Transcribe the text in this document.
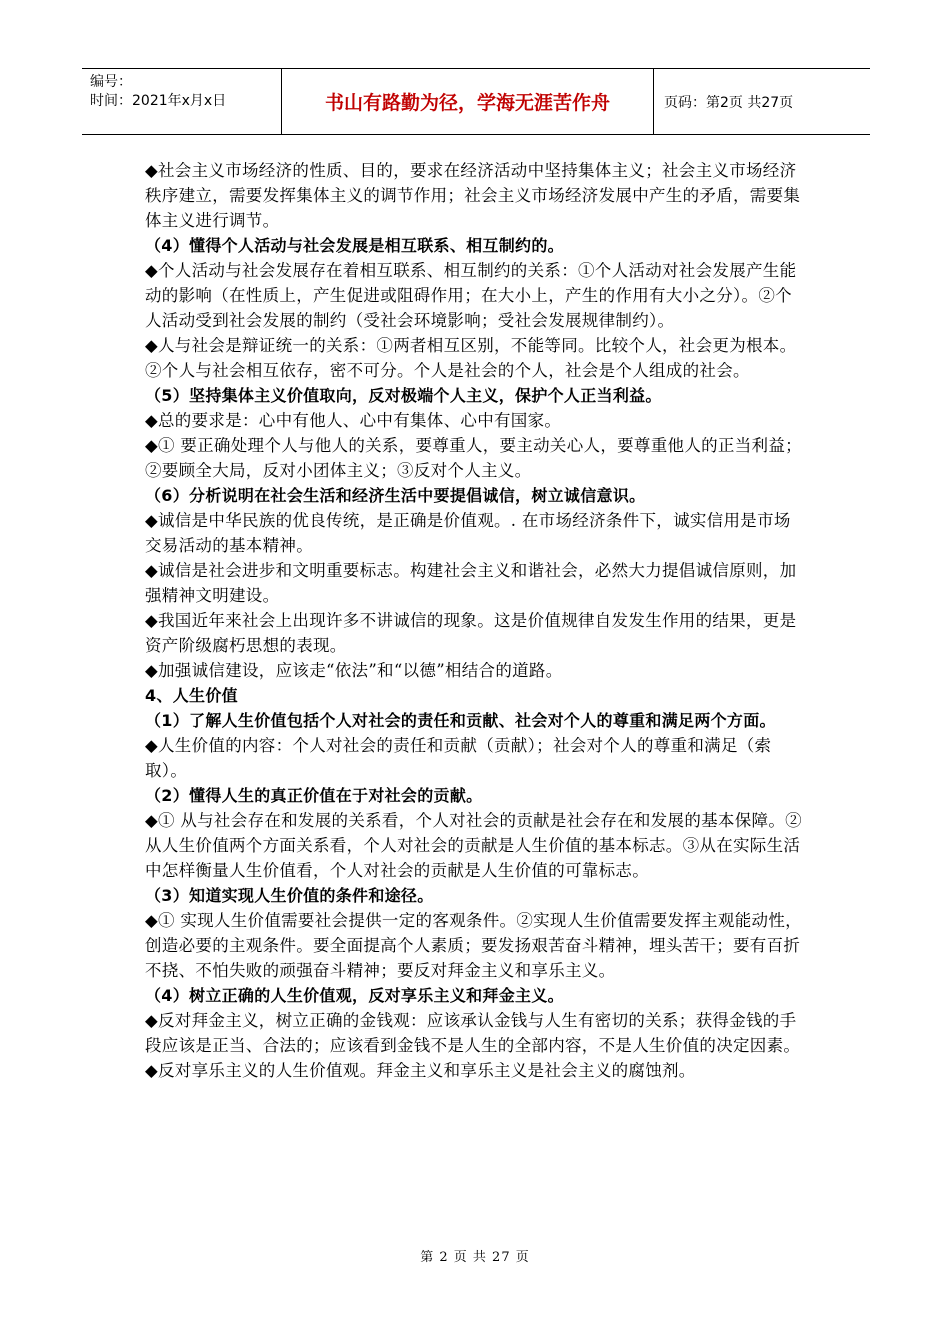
编号：
时间：2021年x月x日	书山有路勤为径，学海无涯苦作舟	页码：第2页 共27页

◆社会主义市场经济的性质、目的，要求在经济活动中坚持集体主义；社会主义市场经济秩序建立，需要发挥集体主义的调节作用；社会主义市场经济发展中产生的矛盾，需要集体主义进行调节。

（4）懂得个人活动与社会发展是相互联系、相互制约的。

◆个人活动与社会发展存在着相互联系、相互制约的关系：①个人活动对社会发展产生能动的影响（在性质上，产生促进或阻碍作用；在大小上，产生的作用有大小之分）。②个人活动受到社会发展的制约（受社会环境影响；受社会发展规律制约）。

◆人与社会是辩证统一的关系：①两者相互区别，不能等同。比较个人，社会更为根本。②个人与社会相互依存，密不可分。个人是社会的个人，社会是个人组成的社会。

（5）坚持集体主义价值取向，反对极端个人主义，保护个人正当利益。

◆总的要求是：心中有他人、心中有集体、心中有国家。

◆① 要正确处理个人与他人的关系，要尊重人，要主动关心人，要尊重他人的正当利益；②要顾全大局，反对小团体主义；③反对个人主义。

（6）分析说明在社会生活和经济生活中要提倡诚信，树立诚信意识。

◆诚信是中华民族的优良传统，是正确是价值观。. 在市场经济条件下，诚实信用是市场交易活动的基本精神。

◆诚信是社会进步和文明重要标志。构建社会主义和谐社会，必然大力提倡诚信原则，加强精神文明建设。

◆我国近年来社会上出现许多不讲诚信的现象。这是价值规律自发发生作用的结果，更是资产阶级腐朽思想的表现。

◆加强诚信建设，应该走“依法”和“以德”相结合的道路。

4、人生价值

（1）了解人生价值包括个人对社会的责任和贡献、社会对个人的尊重和满足两个方面。

◆人生价值的内容：个人对社会的责任和贡献（贡献）；社会对个人的尊重和满足（索取）。

（2）懂得人生的真正价值在于对社会的贡献。

◆① 从与社会存在和发展的关系看，个人对社会的贡献是社会存在和发展的基本保障。②从人生价值两个方面关系看，个人对社会的贡献是人生价值的基本标志。③从在实际生活中怎样衡量人生价值看，个人对社会的贡献是人生价值的可靠标志。

（3）知道实现人生价值的条件和途径。

◆① 实现人生价值需要社会提供一定的客观条件。②实现人生价值需要发挥主观能动性，创造必要的主观条件。要全面提高个人素质；要发扬艰苦奋斗精神，埋头苦干；要有百折不挠、不怕失败的顽强奋斗精神；要反对拜金主义和享乐主义。

（4）树立正确的人生价值观，反对享乐主义和拜金主义。

◆反对拜金主义，树立正确的金钱观：应该承认金钱与人生有密切的关系；获得金钱的手段应该是正当、合法的；应该看到金钱不是人生的全部内容，不是人生价值的决定因素。

◆反对享乐主义的人生价值观。拜金主义和享乐主义是社会主义的腐蚀剂。

第 2 页 共 27 页
